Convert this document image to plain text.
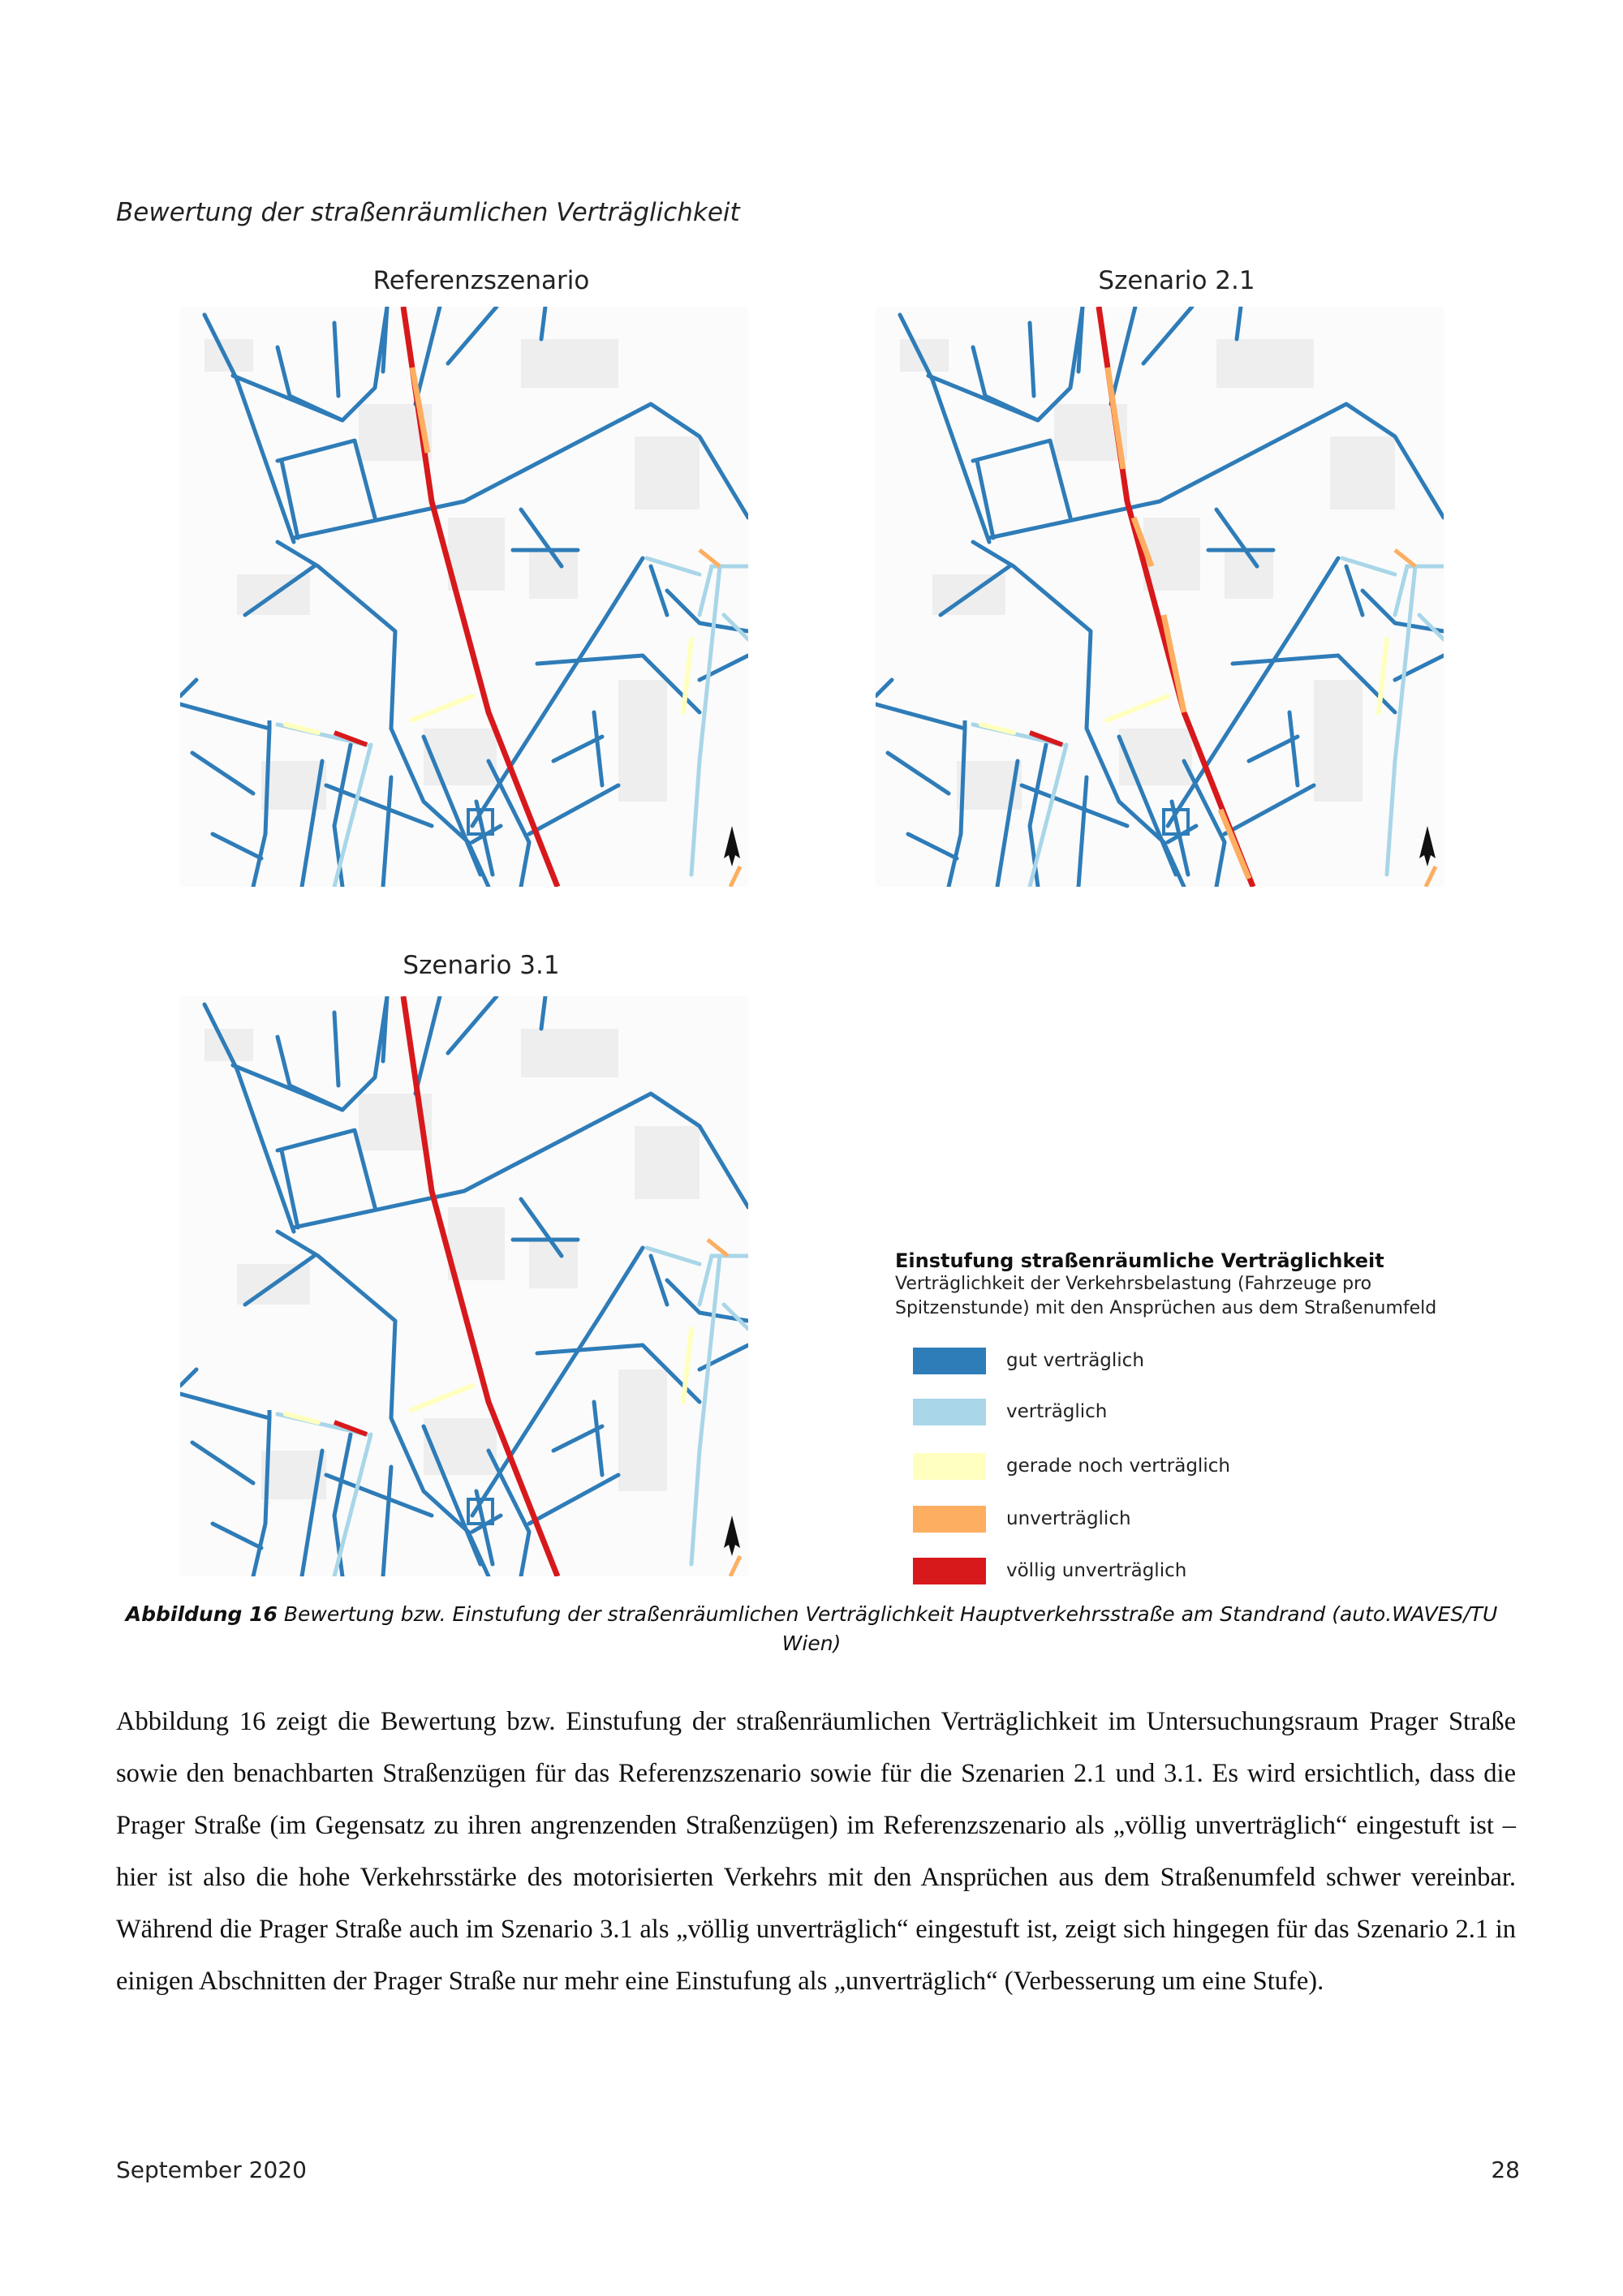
Bewertung der straßenräumlichen Verträglichkeit
Referenzszenario	Szenario 2.1
Szenario 3.1
Einstufung straßenräumliche Verträglichkeit
Verträglichkeit der Verkehrsbelastung (Fahrzeuge pro Spitzenstunde) mit den Ansprüchen aus dem Straßenumfeld
gut verträglich
verträglich
gerade noch verträglich
unverträglich
völlig unverträglich
Abbildung 16 Bewertung bzw. Einstufung der straßenräumlichen Verträglichkeit Hauptverkehrsstraße am Standrand (auto.WAVES/TU Wien)
Abbildung 16 zeigt die Bewertung bzw. Einstufung der straßenräumlichen Verträglichkeit im Untersuchungsraum Prager Straße sowie den benachbarten Straßenzügen für das Referenzszenario sowie für die Szenarien 2.1 und 3.1. Es wird ersichtlich, dass die Prager Straße (im Gegensatz zu ihren angrenzenden Straßenzügen) im Referenzszenario als „völlig unverträglich“ eingestuft ist – hier ist also die hohe Verkehrsstärke des motorisierten Verkehrs mit den Ansprüchen aus dem Straßenumfeld schwer vereinbar. Während die Prager Straße auch im Szenario 3.1 als „völlig unverträglich“ eingestuft ist, zeigt sich hingegen für das Szenario 2.1 in einigen Abschnitten der Prager Straße nur mehr eine Einstufung als „unverträglich“ (Verbesserung um eine Stufe).
September 2020	28
